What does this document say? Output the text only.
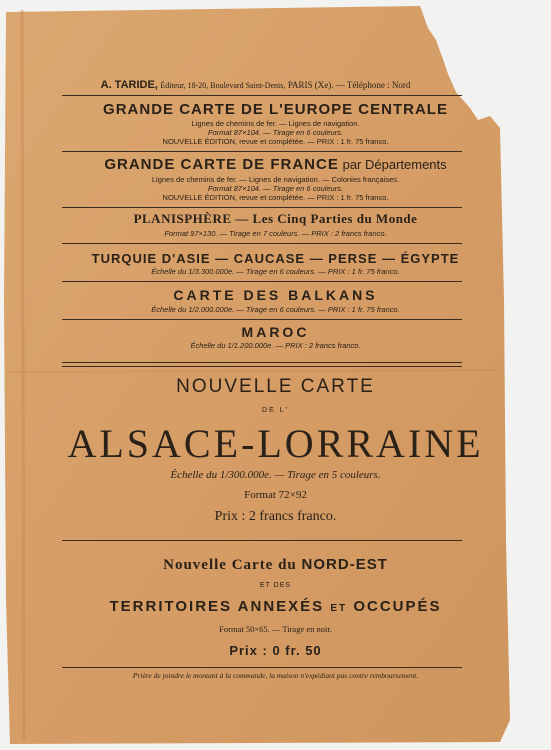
A. TARIDE, Éditeur, 18-20, Boulevard Saint-Denis, PARIS (Xe). — Téléphone : Nord
GRANDE CARTE DE L'EUROPE CENTRALE
Lignes de chemins de fer. — Lignes de navigation.
Format 87×104. — Tirage en 6 couleurs.
NOUVELLE ÉDITION, revue et complétée. — PRIX : 1 fr. 75 franco.
GRANDE CARTE DE FRANCE par Départements
Lignes de chemins de fer. — Lignes de navigation. — Colonies françaises.
Format 87×104. — Tirage en 6 couleurs.
NOUVELLE ÉDITION, revue et complétée. — PRIX : 1 fr. 75 franco.
PLANISPHÈRE — Les Cinq Parties du Monde
Format 97×130. — Tirage en 7 couleurs. — PRIX : 2 francs franco.
TURQUIE D'ASIE — CAUCASE — PERSE — ÉGYPTE
Échelle du 1/3.300.000e. — Tirage en 6 couleurs. — PRIX : 1 fr. 75 franco.
CARTE DES BALKANS
Échelle du 1/2.000.000e. — Tirage en 6 couleurs. — PRIX : 1 fr. 75 franco.
MAROC
Échelle du 1/1.200.000e. — PRIX : 2 francs franco.
NOUVELLE CARTE
DE L'
ALSACE-LORRAINE
Échelle du 1/300.000e. — Tirage en 5 couleurs.
Format 72×92
Prix : 2 francs franco.
Nouvelle Carte du NORD-EST
ET DES
TERRITOIRES ANNEXÉS ET OCCUPÉS
Format 50×65. — Tirage en noir.
Prix : 0 fr. 50
Prière de joindre le montant à la commande, la maison n'expédiant pas contre remboursement.
